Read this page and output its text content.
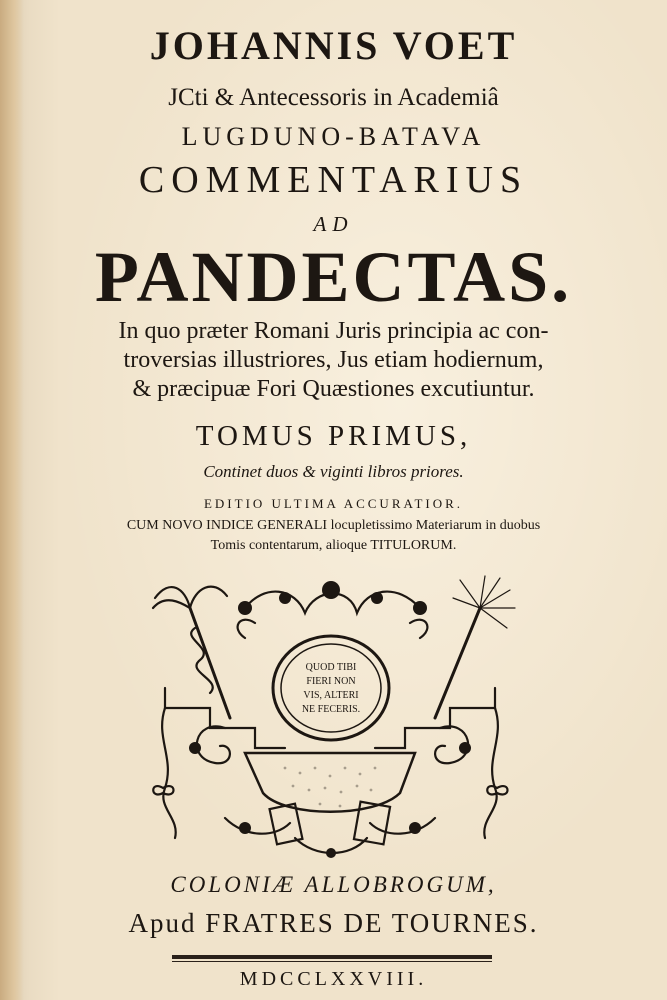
JOHANNIS VOET
JCti & Antecessoris in Academiâ
LUGDUNO-BATAVA
COMMENTARIUS
AD
PANDECTAS.
In quo præter Romani Juris principia ac con-
troversias illustriores, Jus etiam hodiernum,
& præcipuæ Fori Quæstiones excutiuntur.
TOMUS PRIMUS,
Continet duos & viginti libros priores.
EDITIO ULTIMA ACCURATIOR.
CUM NOVO INDICE GENERALI locupletissimo Materiarum in duobus
Tomis contentarum, alioque TITULORUM.
QUOD TIBI
FIERI NON
VIS, ALTERI
NE FECERIS.
COLONIÆ ALLOBROGUM,
Apud FRATRES DE TOURNES.
MDCCLXXVIII.
